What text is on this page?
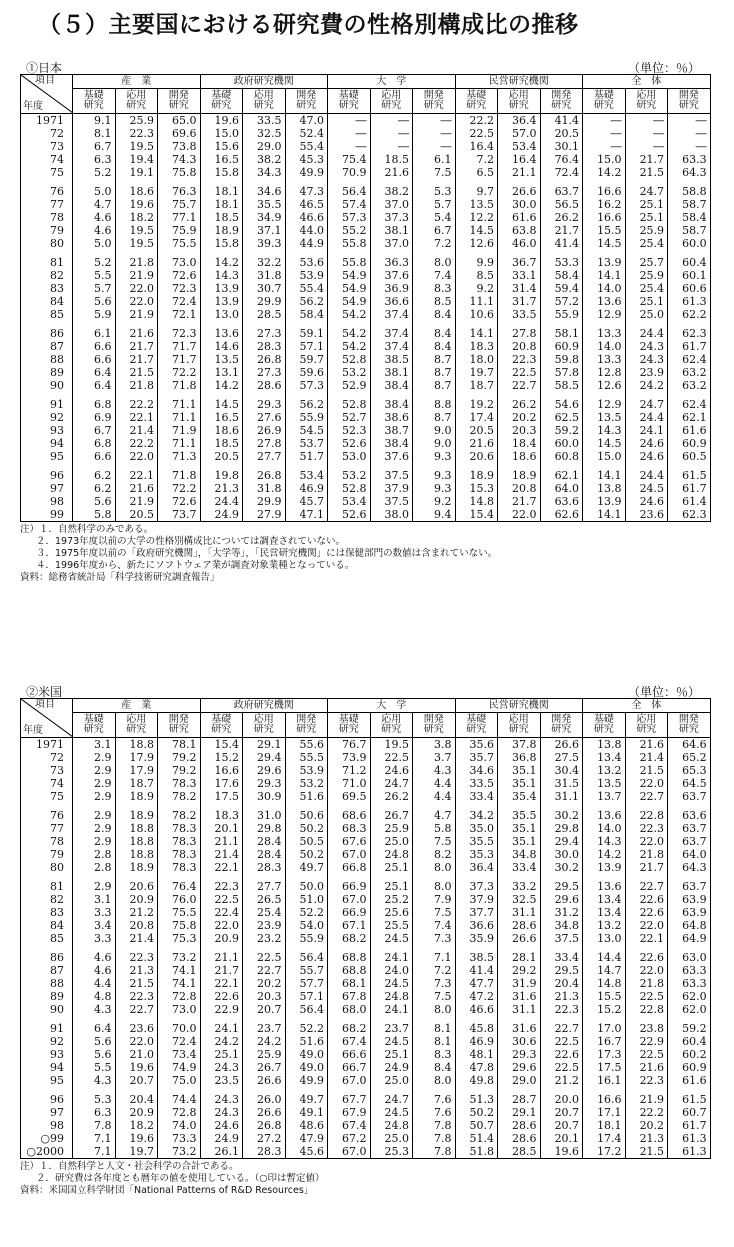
（５）主要国における研究費の性格別構成比の推移
①日本	（単位：％）
項目
年度	産　業			政府研究機関			大　学			民営研究機関			全　体		
	基礎研究	応用研究	開発研究	基礎研究	応用研究	開発研究	基礎研究	応用研究	開発研究	基礎研究	応用研究	開発研究	基礎研究	応用研究	開発研究
1971	9.1	25.9	65.0	19.6	33.5	47.0	―	―	―	22.2	36.4	41.4	―	―	―
72	8.1	22.3	69.6	15.0	32.5	52.4	―	―	―	22.5	57.0	20.5	―	―	―
73	6.7	19.5	73.8	15.6	29.0	55.4	―	―	―	16.4	53.4	30.1	―	―	―
74	6.3	19.4	74.3	16.5	38.2	45.3	75.4	18.5	6.1	7.2	16.4	76.4	15.0	21.7	63.3
75	5.2	19.1	75.8	15.8	34.3	49.9	70.9	21.6	7.5	6.5	21.1	72.4	14.2	21.5	64.3

76	5.0	18.6	76.3	18.1	34.6	47.3	56.4	38.2	5.3	9.7	26.6	63.7	16.6	24.7	58.8
77	4.7	19.6	75.7	18.1	35.5	46.5	57.4	37.0	5.7	13.5	30.0	56.5	16.2	25.1	58.7
78	4.6	18.2	77.1	18.5	34.9	46.6	57.3	37.3	5.4	12.2	61.6	26.2	16.6	25.1	58.4
79	4.6	19.5	75.9	18.9	37.1	44.0	55.2	38.1	6.7	14.5	63.8	21.7	15.5	25.9	58.7
80	5.0	19.5	75.5	15.8	39.3	44.9	55.8	37.0	7.2	12.6	46.0	41.4	14.5	25.4	60.0

81	5.2	21.8	73.0	14.2	32.2	53.6	55.8	36.3	8.0	9.9	36.7	53.3	13.9	25.7	60.4
82	5.5	21.9	72.6	14.3	31.8	53.9	54.9	37.6	7.4	8.5	33.1	58.4	14.1	25.9	60.1
83	5.7	22.0	72.3	13.9	30.7	55.4	54.9	36.9	8.3	9.2	31.4	59.4	14.0	25.4	60.6
84	5.6	22.0	72.4	13.9	29.9	56.2	54.9	36.6	8.5	11.1	31.7	57.2	13.6	25.1	61.3
85	5.9	21.9	72.1	13.0	28.5	58.4	54.2	37.4	8.4	10.6	33.5	55.9	12.9	25.0	62.2

86	6.1	21.6	72.3	13.6	27.3	59.1	54.2	37.4	8.4	14.1	27.8	58.1	13.3	24.4	62.3
87	6.6	21.7	71.7	14.6	28.3	57.1	54.2	37.4	8.4	18.3	20.8	60.9	14.0	24.3	61.7
88	6.6	21.7	71.7	13.5	26.8	59.7	52.8	38.5	8.7	18.0	22.3	59.8	13.3	24.3	62.4
89	6.4	21.5	72.2	13.1	27.3	59.6	53.2	38.1	8.7	19.7	22.5	57.8	12.8	23.9	63.2
90	6.4	21.8	71.8	14.2	28.6	57.3	52.9	38.4	8.7	18.7	22.7	58.5	12.6	24.2	63.2

91	6.8	22.2	71.1	14.5	29.3	56.2	52.8	38.4	8.8	19.2	26.2	54.6	12.9	24.7	62.4
92	6.9	22.1	71.1	16.5	27.6	55.9	52.7	38.6	8.7	17.4	20.2	62.5	13.5	24.4	62.1
93	6.7	21.4	71.9	18.6	26.9	54.5	52.3	38.7	9.0	20.5	20.3	59.2	14.3	24.1	61.6
94	6.8	22.2	71.1	18.5	27.8	53.7	52.6	38.4	9.0	21.6	18.4	60.0	14.5	24.6	60.9
95	6.6	22.0	71.3	20.5	27.7	51.7	53.0	37.6	9.3	20.6	18.6	60.8	15.0	24.6	60.5

96	6.2	22.1	71.8	19.8	26.8	53.4	53.2	37.5	9.3	18.9	18.9	62.1	14.1	24.4	61.5
97	6.2	21.6	72.2	21.3	31.8	46.9	52.8	37.9	9.3	15.3	20.8	64.0	13.8	24.5	61.7
98	5.6	21.9	72.6	24.4	29.9	45.7	53.4	37.5	9.2	14.8	21.7	63.6	13.9	24.6	61.4
99	5.8	20.5	73.7	24.9	27.9	47.1	52.6	38.0	9.4	15.4	22.0	62.6	14.1	23.6	62.3
注）１．自然科学のみである。
２．1973年度以前の大学の性格別構成比については調査されていない。
３．1975年度以前の「政府研究機関」，「大学等」，「民営研究機関」には保健部門の数値は含まれていない。
４．1996年度から、新たにソフトウェア業が調査対象業種となっている。
資料：総務省統計局「科学技術研究調査報告」
②米国	（単位：％）
項目
年度	産　業			政府研究機関			大　学			民営研究機関			全　体		
	基礎研究	応用研究	開発研究	基礎研究	応用研究	開発研究	基礎研究	応用研究	開発研究	基礎研究	応用研究	開発研究	基礎研究	応用研究	開発研究
1971	3.1	18.8	78.1	15.4	29.1	55.6	76.7	19.5	3.8	35.6	37.8	26.6	13.8	21.6	64.6
72	2.9	17.9	79.2	15.2	29.4	55.5	73.9	22.5	3.7	35.7	36.8	27.5	13.4	21.4	65.2
73	2.9	17.9	79.2	16.6	29.6	53.9	71.2	24.6	4.3	34.6	35.1	30.4	13.2	21.5	65.3
74	2.9	18.7	78.3	17.6	29.3	53.2	71.0	24.7	4.4	33.5	35.1	31.5	13.5	22.0	64.5
75	2.9	18.9	78.2	17.5	30.9	51.6	69.5	26.2	4.4	33.4	35.4	31.1	13.7	22.7	63.7

76	2.9	18.9	78.2	18.3	31.0	50.6	68.6	26.7	4.7	34.2	35.5	30.2	13.6	22.8	63.6
77	2.9	18.8	78.3	20.1	29.8	50.2	68.3	25.9	5.8	35.0	35.1	29.8	14.0	22.3	63.7
78	2.9	18.8	78.3	21.1	28.4	50.5	67.6	25.0	7.5	35.5	35.1	29.4	14.3	22.0	63.7
79	2.8	18.8	78.3	21.4	28.4	50.2	67.0	24.8	8.2	35.3	34.8	30.0	14.2	21.8	64.0
80	2.8	18.9	78.3	22.1	28.3	49.7	66.8	25.1	8.0	36.4	33.4	30.2	13.9	21.7	64.3

81	2.9	20.6	76.4	22.3	27.7	50.0	66.9	25.1	8.0	37.3	33.2	29.5	13.6	22.7	63.7
82	3.1	20.9	76.0	22.5	26.5	51.0	67.0	25.2	7.9	37.9	32.5	29.6	13.4	22.6	63.9
83	3.3	21.2	75.5	22.4	25.4	52.2	66.9	25.6	7.5	37.7	31.1	31.2	13.4	22.6	63.9
84	3.4	20.8	75.8	22.0	23.9	54.0	67.1	25.5	7.4	36.6	28.6	34.8	13.2	22.0	64.8
85	3.3	21.4	75.3	20.9	23.2	55.9	68.2	24.5	7.3	35.9	26.6	37.5	13.0	22.1	64.9

86	4.6	22.3	73.2	21.1	22.5	56.4	68.8	24.1	7.1	38.5	28.1	33.4	14.4	22.6	63.0
87	4.6	21.3	74.1	21.7	22.7	55.7	68.8	24.0	7.2	41.4	29.2	29.5	14.7	22.0	63.3
88	4.4	21.5	74.1	22.1	20.2	57.7	68.1	24.5	7.3	47.7	31.9	20.4	14.8	21.8	63.3
89	4.8	22.3	72.8	22.6	20.3	57.1	67.8	24.8	7.5	47.2	31.6	21.3	15.5	22.5	62.0
90	4.3	22.7	73.0	22.9	20.7	56.4	68.0	24.1	8.0	46.6	31.1	22.3	15.2	22.8	62.0

91	6.4	23.6	70.0	24.1	23.7	52.2	68.2	23.7	8.1	45.8	31.6	22.7	17.0	23.8	59.2
92	5.6	22.0	72.4	24.2	24.2	51.6	67.4	24.5	8.1	46.9	30.6	22.5	16.7	22.9	60.4
93	5.6	21.0	73.4	25.1	25.9	49.0	66.6	25.1	8.3	48.1	29.3	22.6	17.3	22.5	60.2
94	5.5	19.6	74.9	24.3	26.7	49.0	66.7	24.9	8.4	47.8	29.6	22.5	17.5	21.6	60.9
95	4.3	20.7	75.0	23.5	26.6	49.9	67.0	25.0	8.0	49.8	29.0	21.2	16.1	22.3	61.6

96	5.3	20.4	74.4	24.3	26.0	49.7	67.7	24.7	7.6	51.3	28.7	20.0	16.6	21.9	61.5
97	6.3	20.9	72.8	24.3	26.6	49.1	67.9	24.5	7.6	50.2	29.1	20.7	17.1	22.2	60.7
98	7.8	18.2	74.0	24.6	26.8	48.6	67.4	24.8	7.8	50.7	28.6	20.7	18.1	20.2	61.7
○99	7.1	19.6	73.3	24.9	27.2	47.9	67.2	25.0	7.8	51.4	28.6	20.1	17.4	21.3	61.3
○2000	7.1	19.7	73.2	26.1	28.3	45.6	67.0	25.3	7.8	51.8	28.5	19.6	17.2	21.5	61.3
注）１．自然科学と人文・社会科学の合計である。
２．研究費は各年度とも暦年の値を使用している。（○印は暫定値）
資料：米国国立科学財団「National Patterns of R&D Resources」
